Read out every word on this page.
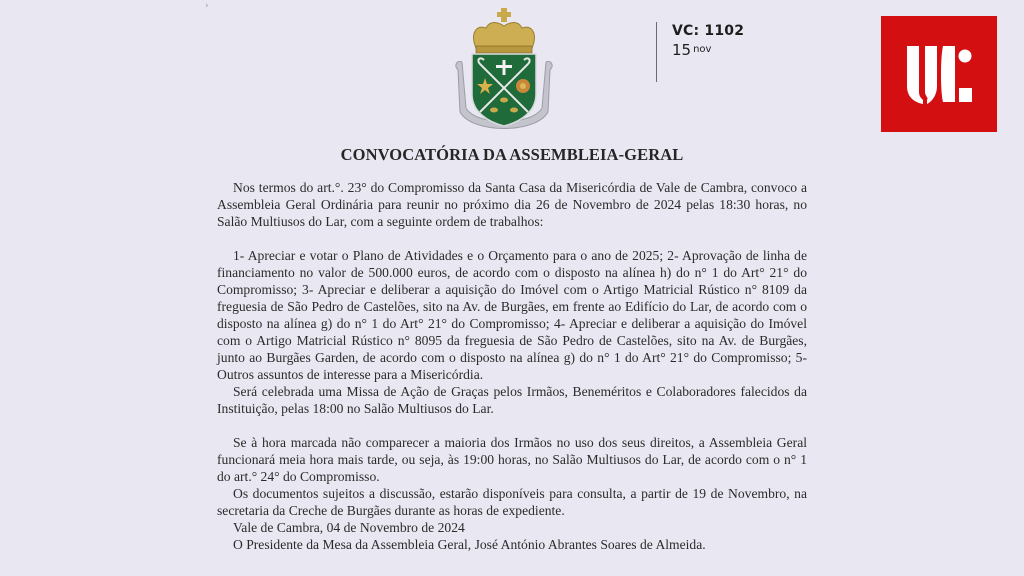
›
VC: 1102
15 $^{nov}$
CONVOCATÓRIA DA ASSEMBLEIA-GERAL

Nos termos do art.°. 23° do Compromisso da Santa Casa da Misericórdia de Vale de Cambra, convoco a Assembleia Geral Ordinária para reunir no próximo dia 26 de Novembro de 2024 pelas 18:30 horas, no Salão Multiusos do Lar, com a seguinte ordem de trabalhos:

1- Apreciar e votar o Plano de Atividades e o Orçamento para o ano de 2025; 2- Aprovação de linha de financiamento no valor de 500.000 euros, de acordo com o disposto na alínea h) do n° 1 do Art° 21° do Compromisso; 3- Apreciar e deliberar a aquisição do Imóvel com o Artigo Matricial Rústico n° 8109 da freguesia de São Pedro de Castelões, sito na Av. de Burgães, em frente ao Edifício do Lar, de acordo com o disposto na alínea g) do n° 1 do Art° 21° do Compromisso; 4- Apreciar e deliberar a aquisição do Imóvel com o Artigo Matricial Rústico n° 8095 da freguesia de São Pedro de Castelões, sito na Av. de Burgães, junto ao Burgães Garden, de acordo com o disposto na alínea g) do n° 1 do Art° 21° do Compromisso; 5- Outros assuntos de interesse para a Misericórdia.

Será celebrada uma Missa de Ação de Graças pelos Irmãos, Beneméritos e Colaboradores falecidos da Instituição, pelas 18:00 no Salão Multiusos do Lar.

Se à hora marcada não comparecer a maioria dos Irmãos no uso dos seus direitos, a Assembleia Geral funcionará meia hora mais tarde, ou seja, às 19:00 horas, no Salão Multiusos do Lar, de acordo com o n° 1 do art.° 24° do Compromisso.

Os documentos sujeitos a discussão, estarão disponíveis para consulta, a partir de 19 de Novembro, na secretaria da Creche de Burgães durante as horas de expediente.

Vale de Cambra, 04 de Novembro de 2024

O Presidente da Mesa da Assembleia Geral, José António Abrantes Soares de Almeida.
